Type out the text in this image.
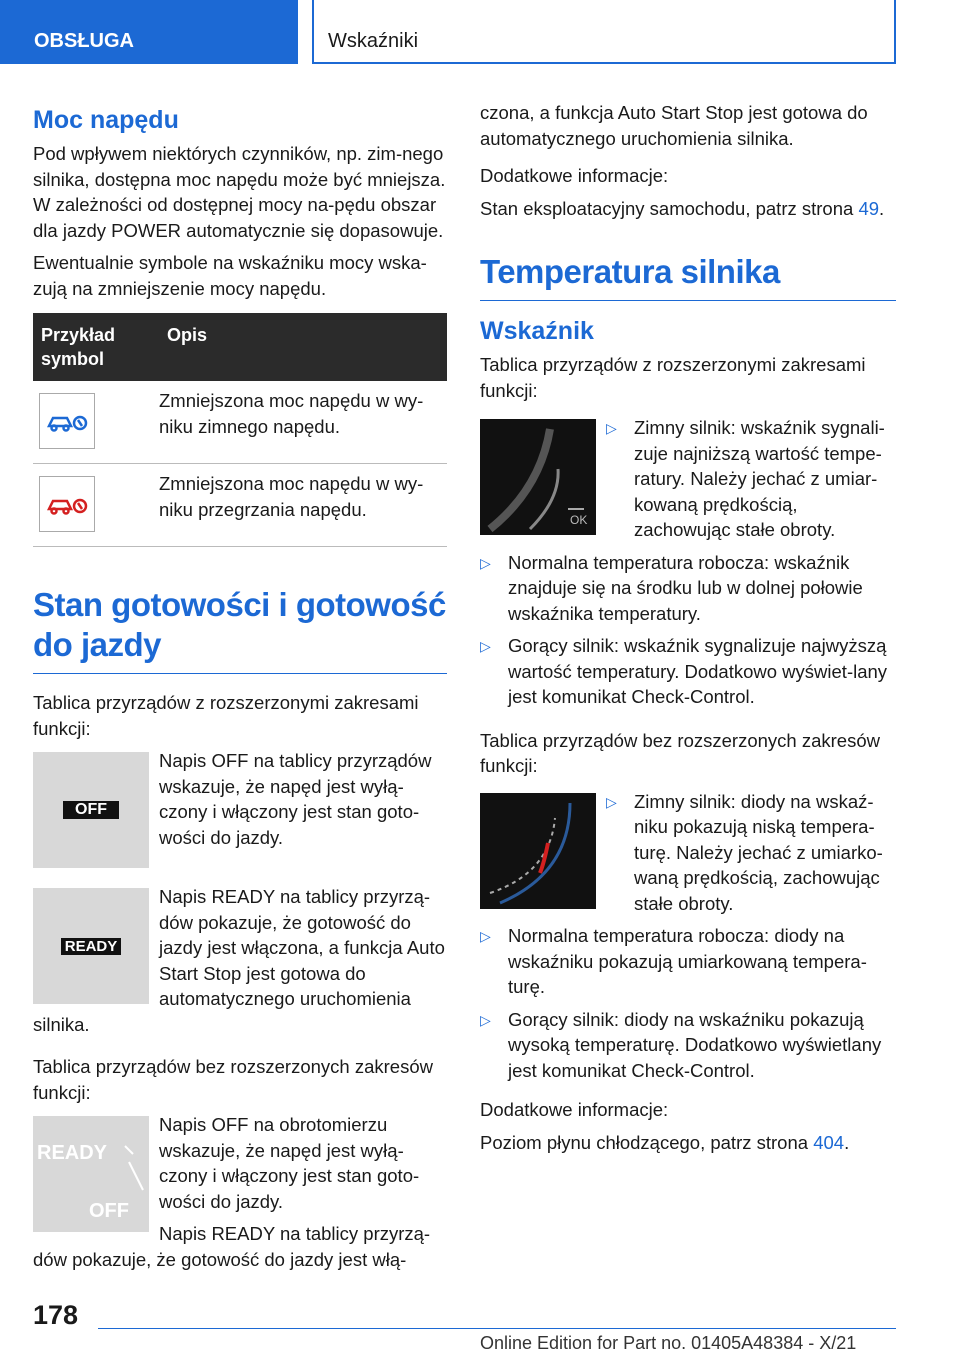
OBSŁUGA	Wskaźniki
Moc napędu
Pod wpływem niektórych czynników, np. zim-nego silnika, dostępna moc napędu może być mniejsza. W zależności od dostępnej mocy na-pędu obszar dla jazdy POWER automatycznie się dopasowuje.
Ewentualnie symbole na wskaźniku mocy wska-zują na zmniejszenie mocy napędu.
Przykład symbol	Opis

	Zmniejszona moc napędu w wy-niku zimnego napędu.

	Zmniejszona moc napędu w wy-niku przegrzania napędu.
Stan gotowości i gotowość do jazdy
Tablica przyrządów z rozszerzonymi zakresami funkcji:
OFF
Napis OFF na tablicy przyrządów wskazuje, że napęd jest wyłą-czony i włączony jest stan goto-wości do jazdy.
READY
Napis READY na tablicy przyrzą-dów pokazuje, że gotowość do jazdy jest włączona, a funkcja Auto Start Stop jest gotowa do automatycznego uruchomienia silnika.
Tablica przyrządów bez rozszerzonych zakresów funkcji:
READY
OFF
Napis OFF na obrotomierzu wskazuje, że napęd jest wyłą-czony i włączony jest stan goto-wości do jazdy.
Napis READY na tablicy przyrzą-dów pokazuje, że gotowość do jazdy jest włą-
czona, a funkcja Auto Start Stop jest gotowa do automatycznego uruchomienia silnika.
Dodatkowe informacje:
Stan eksploatacyjny samochodu, patrz strona 49.
Temperatura silnika
Wskaźnik
Tablica przyrządów z rozszerzonymi zakresami funkcji:
OK
▷ Zimny silnik: wskaźnik sygnali-zuje najniższą wartość tempe-ratury. Należy jechać z umiar-kowaną prędkością, zachowując stałe obroty.
▷ Normalna temperatura robocza: wskaźnik znajduje się na środku lub w dolnej połowie wskaźnika temperatury.
▷ Gorący silnik: wskaźnik sygnalizuje najwyższą wartość temperatury. Dodatkowo wyświet-lany jest komunikat Check-Control.
Tablica przyrządów bez rozszerzonych zakresów funkcji:
▷ Zimny silnik: diody na wskaź-niku pokazują niską tempera-turę. Należy jechać z umiarko-waną prędkością, zachowując stałe obroty.
▷ Normalna temperatura robocza: diody na wskaźniku pokazują umiarkowaną tempera-turę.
▷ Gorący silnik: diody na wskaźniku pokazują wysoką temperaturę. Dodatkowo wyświetlany jest komunikat Check-Control.
Dodatkowe informacje:
Poziom płynu chłodzącego, patrz strona 404.
178
Online Edition for Part no. 01405A48384 - X/21
